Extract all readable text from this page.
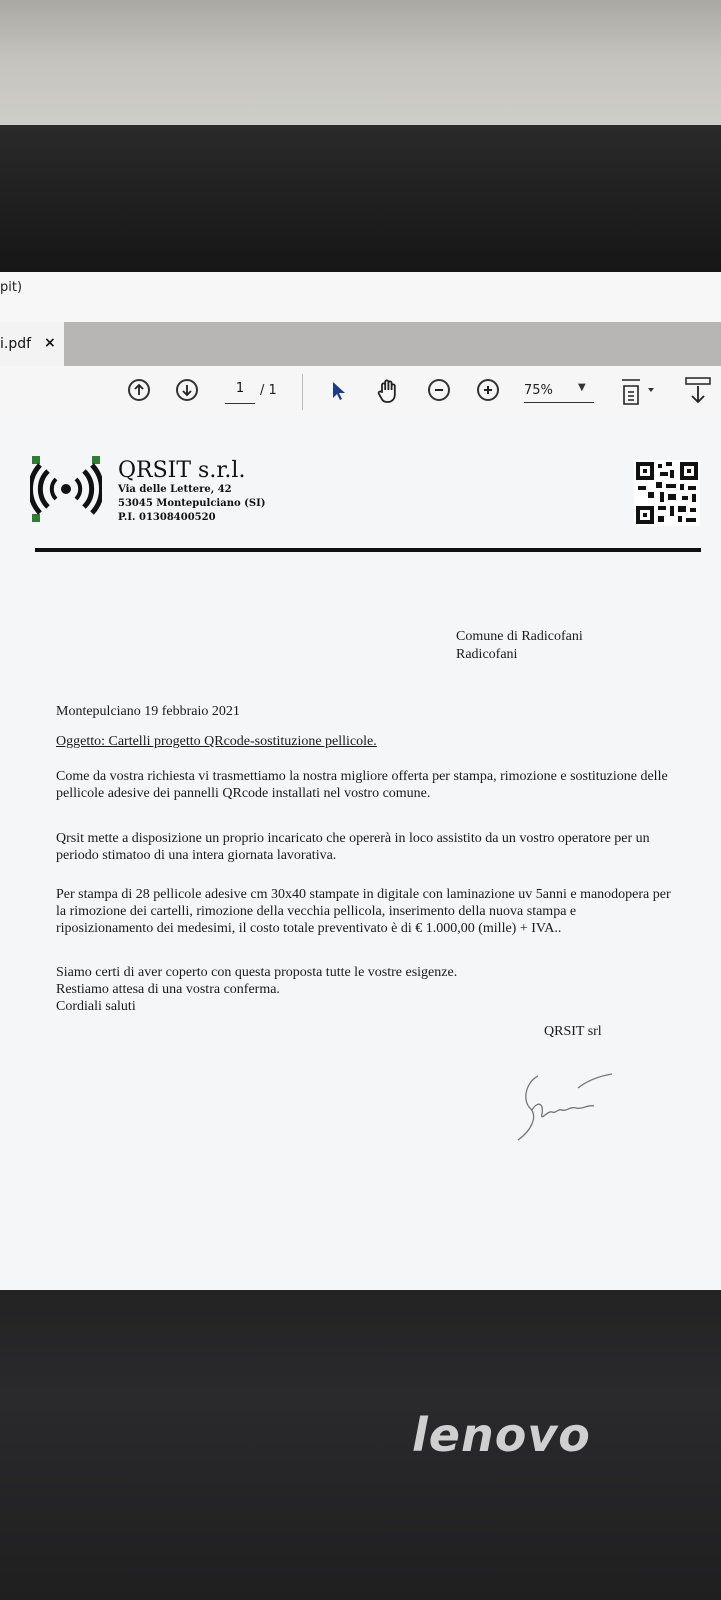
pit)
i.pdf ×
1	/ 1	75%	▼
QRSIT s.r.l.
Via delle Lettere, 42
53045 Montepulciano (SI)
P.I. 01308400520
Comune di Radicofani
Radicofani
Montepulciano 19 febbraio 2021
Oggetto: Cartelli progetto QRcode-sostituzione pellicole.
Come da vostra richiesta vi trasmettiamo la nostra migliore offerta per stampa, rimozione e sostituzione delle pellicole adesive dei pannelli QRcode installati nel vostro comune.
Qrsit mette a disposizione un proprio incaricato che opererà in loco assistito da un vostro operatore per un periodo stimatoo di una intera giornata lavorativa.
Per stampa di 28 pellicole adesive cm 30x40 stampate in digitale con laminazione uv 5anni e manodopera per la rimozione dei cartelli, rimozione della vecchia pellicola, inserimento della nuova stampa e riposizionamento dei medesimi, il costo totale preventivato è di € 1.000,00 (mille) + IVA..
Siamo certi di aver coperto con questa proposta tutte le vostre esigenze.
Restiamo attesa di una vostra conferma.
Cordiali saluti
QRSIT srl
lenovo
